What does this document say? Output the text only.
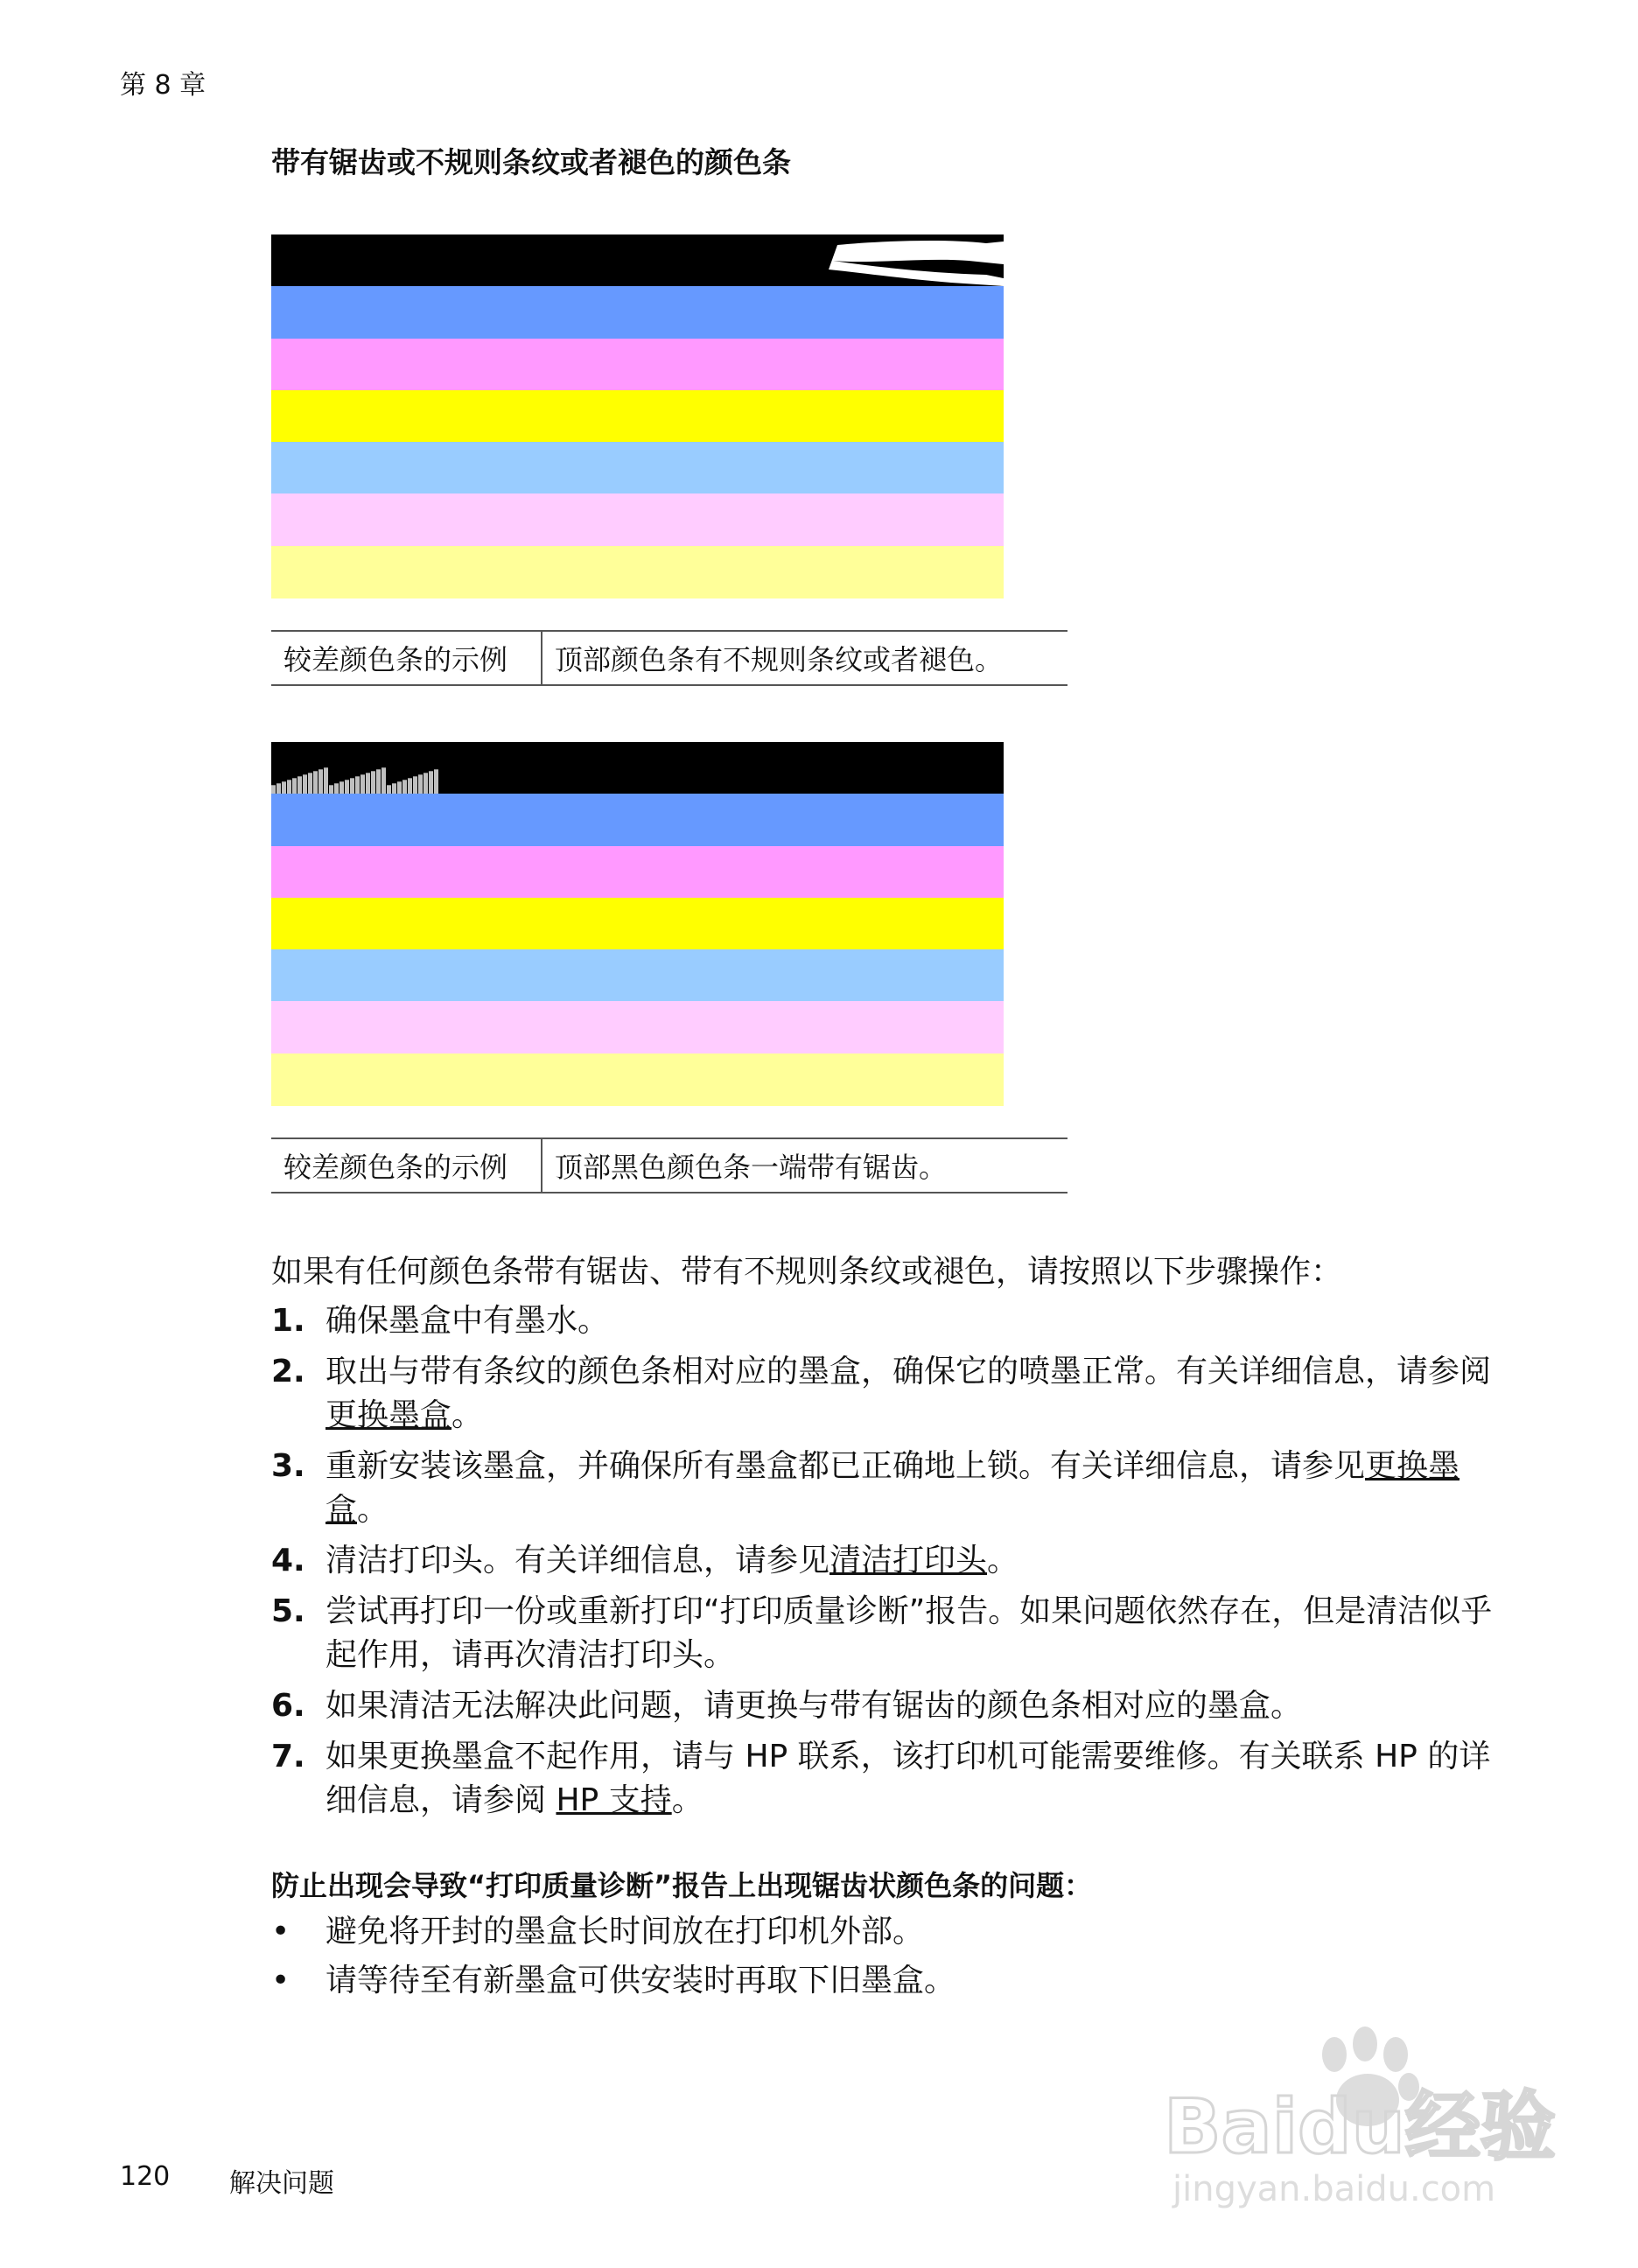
第 8 章
带有锯齿或不规则条纹或者褪色的颜色条
较差颜色条的示例	顶部颜色条有不规则条纹或者褪色。
较差颜色条的示例	顶部黑色颜色条一端带有锯齿。
如果有任何颜色条带有锯齿、带有不规则条纹或褪色，请按照以下步骤操作：
1. 确保墨盒中有墨水。
2. 取出与带有条纹的颜色条相对应的墨盒，确保它的喷墨正常。有关详细信息，请参阅更换墨盒。
3. 重新安装该墨盒，并确保所有墨盒都已正确地上锁。有关详细信息，请参见更换墨盒。
4. 清洁打印头。有关详细信息，请参见清洁打印头。
5. 尝试再打印一份或重新打印“打印质量诊断”报告。如果问题依然存在，但是清洁似乎起作用，请再次清洁打印头。
6. 如果清洁无法解决此问题，请更换与带有锯齿的颜色条相对应的墨盒。
7. 如果更换墨盒不起作用，请与 HP 联系，该打印机可能需要维修。有关联系 HP 的详细信息，请参阅 HP 支持。
防止出现会导致“打印质量诊断”报告上出现锯齿状颜色条的问题：
•	避免将开封的墨盒长时间放在打印机外部。
•	请等待至有新墨盒可供安装时再取下旧墨盒。
120 解决问题
Baidu经验
jingyan.baidu.com
